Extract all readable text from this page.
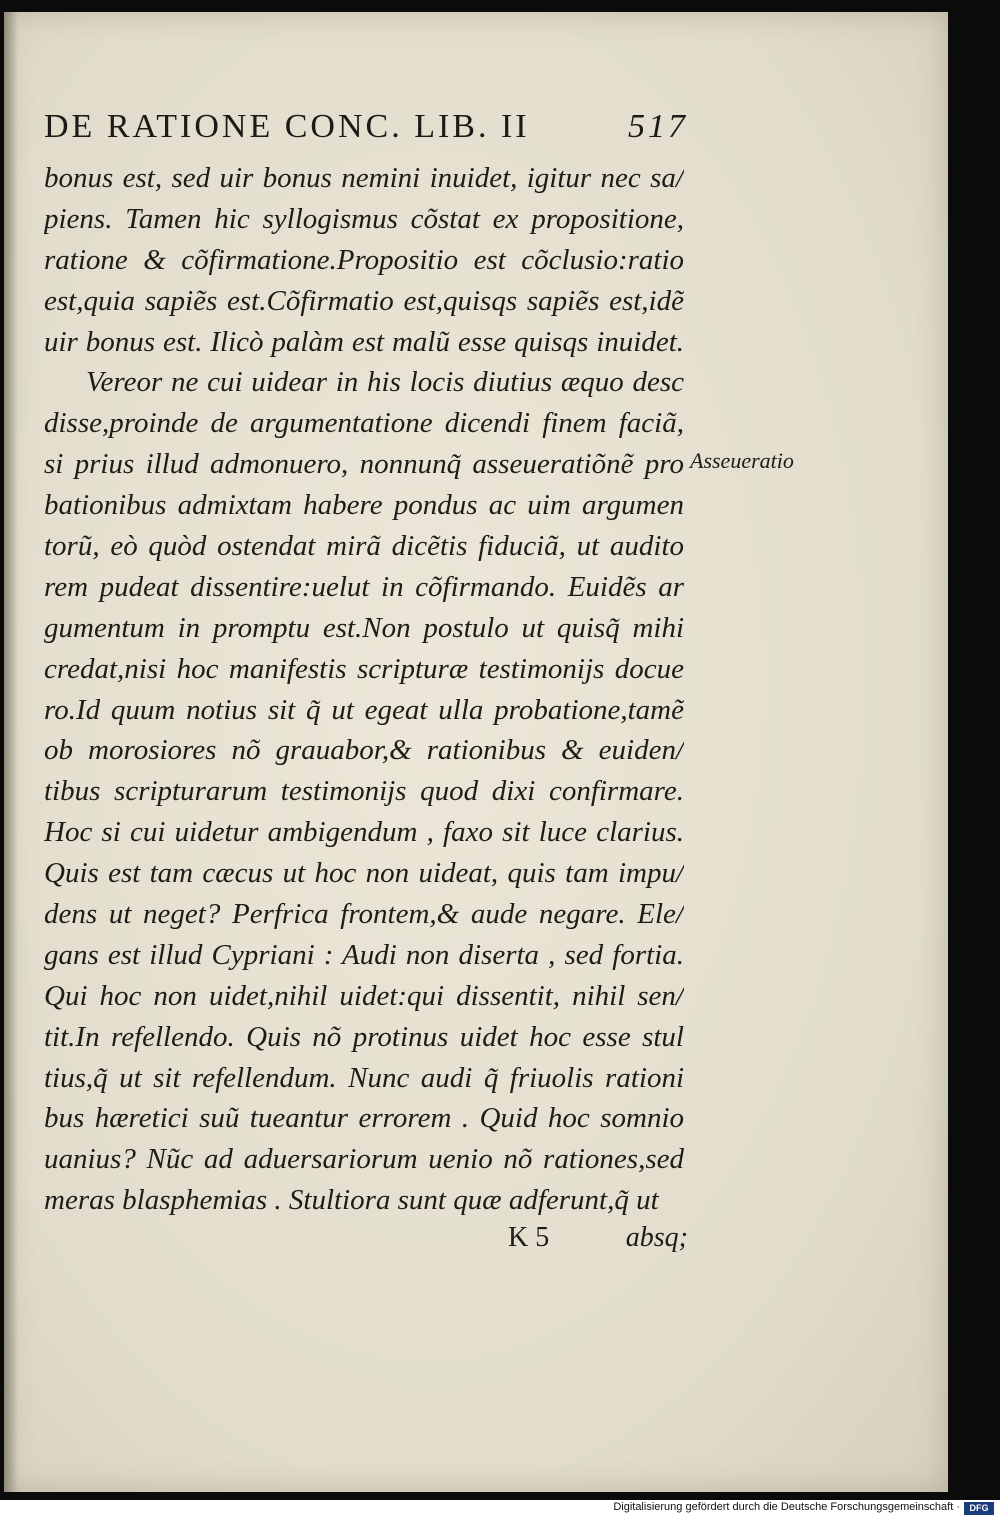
DE RATIONE CONC. LIB. II	517
bonus est, sed uir bonus nemini inuidet, igitur nec sa/
piens. Tamen hic syllogismus cõstat ex propositione,
ratione & cõfirmatione.Propositio est cõclusio:ratio
est,quia sapiẽs est.Cõfirmatio est,quisqs sapiẽs est,idẽ
uir bonus est. Ilicò palàm est malũ esse quisqs inuidet.
Vereor ne cui uidear in his locis diutius æquo desc
disse,proinde de argumentatione dicendi finem faciã,
si prius illud admonuero, nonnunq̃ asseueratiõnẽ pro
bationibus admixtam habere pondus ac uim argumen
torũ, eò quòd ostendat mirã dicẽtis fiduciã, ut audito
rem pudeat dissentire:uelut in cõfirmando. Euidẽs ar
gumentum in promptu est.Non postulo ut quisq̃ mihi
credat,nisi hoc manifestis scripturæ testimonijs docue
ro.Id quum notius sit q̃ ut egeat ulla probatione,tamẽ
ob morosiores nõ grauabor,& rationibus & euiden/
tibus scripturarum testimonijs quod dixi confirmare.
Hoc si cui uidetur ambigendum , faxo sit luce clarius.
Quis est tam cæcus ut hoc non uideat, quis tam impu/
dens ut neget? Perfrica frontem,& aude negare. Ele/
gans est illud Cypriani : Audi non diserta , sed fortia.
Qui hoc non uidet,nihil uidet:qui dissentit, nihil sen/
tit.In refellendo. Quis nõ protinus uidet hoc esse stul
tius,q̃ ut sit refellendum. Nunc audi q̃ friuolis rationi
bus hæretici suũ tueantur errorem . Quid hoc somnio
uanius? Nũc ad aduersariorum uenio nõ rationes,sed
meras blasphemias . Stultiora sunt quæ adferunt,q̃ ut
Asseueratio
K 5	absq;
Digitalisierung gefördert durch die Deutsche Forschungsgemeinschaft ·	DFG
